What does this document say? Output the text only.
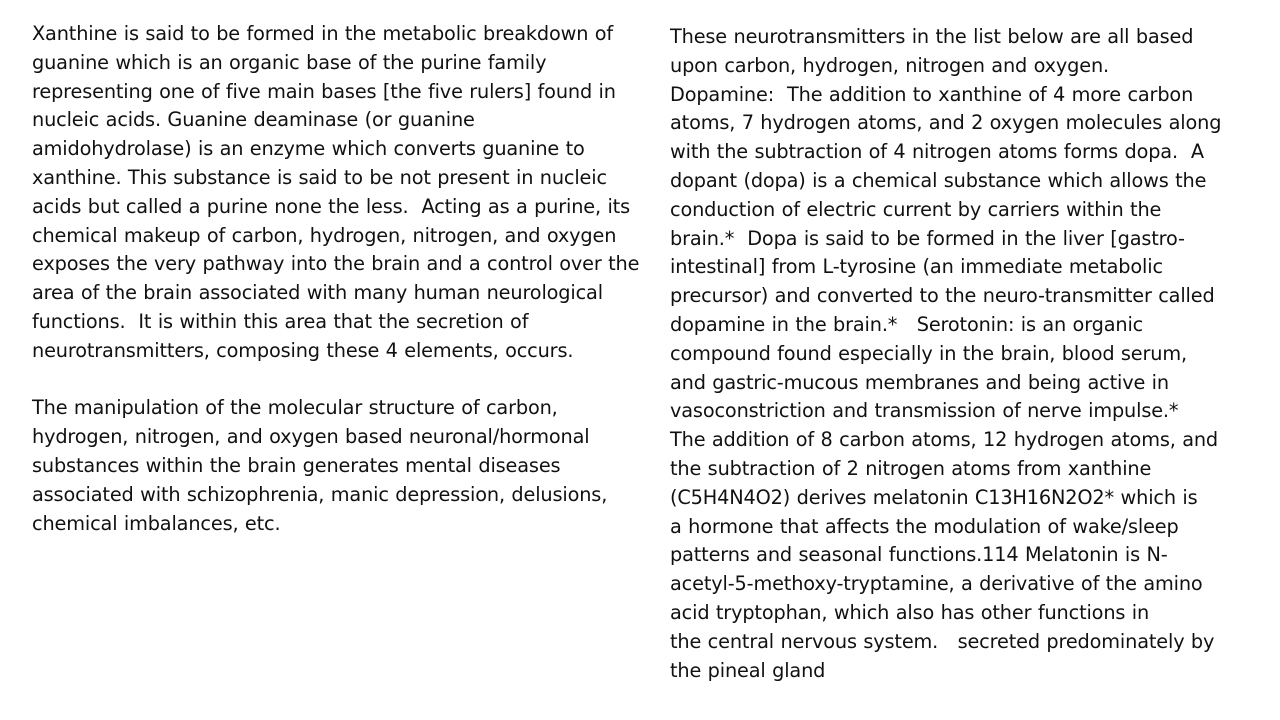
Xanthine is said to be formed in the metabolic breakdown of
guanine which is an organic base of the purine family
representing one of five main bases [the five rulers] found in
nucleic acids. Guanine deaminase (or guanine
amidohydrolase) is an enzyme which converts guanine to
xanthine. This substance is said to be not present in nucleic
acids but called a purine none the less.  Acting as a purine, its
chemical makeup of carbon, hydrogen, nitrogen, and oxygen
exposes the very pathway into the brain and a control over the
area of the brain associated with many human neurological
functions.  It is within this area that the secretion of
neurotransmitters, composing these 4 elements, occurs.
The manipulation of the molecular structure of carbon,
hydrogen, nitrogen, and oxygen based neuronal/hormonal
substances within the brain generates mental diseases
associated with schizophrenia, manic depression, delusions,
chemical imbalances, etc.
These neurotransmitters in the list below are all based
upon carbon, hydrogen, nitrogen and oxygen.
Dopamine:  The addition to xanthine of 4 more carbon
atoms, 7 hydrogen atoms, and 2 oxygen molecules along
with the subtraction of 4 nitrogen atoms forms dopa.  A
dopant (dopa) is a chemical substance which allows the
conduction of electric current by carriers within the
brain.*  Dopa is said to be formed in the liver [gastro-
intestinal] from L-tyrosine (an immediate metabolic
precursor) and converted to the neuro-transmitter called
dopamine in the brain.*   Serotonin: is an organic
compound found especially in the brain, blood serum,
and gastric-mucous membranes and being active in
vasoconstriction and transmission of nerve impulse.*
The addition of 8 carbon atoms, 12 hydrogen atoms, and
the subtraction of 2 nitrogen atoms from xanthine
(C5H4N4O2) derives melatonin C13H16N2O2* which is
a hormone that affects the modulation of wake/sleep
patterns and seasonal functions.114 Melatonin is N-
acetyl-5-methoxy-tryptamine, a derivative of the amino
acid tryptophan, which also has other functions in
the central nervous system.   secreted predominately by
the pineal gland
